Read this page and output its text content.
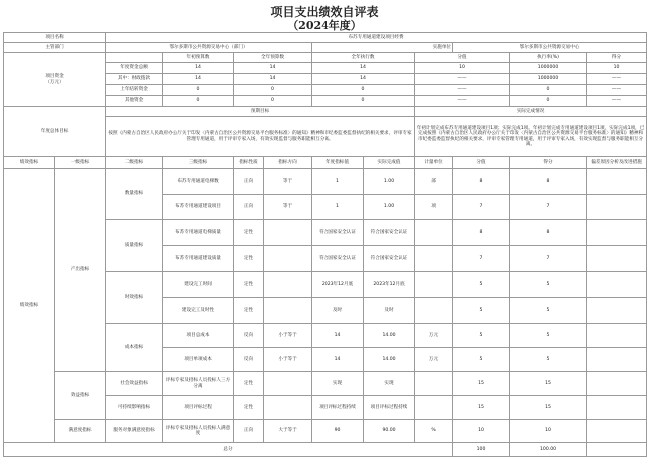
项目支出绩效自评表
（2024年度）
项目名称		布苏专用通道建设项目经费									
主管部门		鄂尔多斯市公共资源交易中心（部门）				实施单位			鄂尔多斯市公共资源交易中心		
项目资金
（万元）			年初预算数	全年预算数		全年执行数		分值		执行率(%)	得分
		年度资金总额	14	14		14		10		1000000	10
		其中：财政拨款	14	14		14		——		1000000	——
		上年结转资金	0	0		0		——		0	——
		其他资金	0	0		0		——		0	——
年度总体目标		预期目标						实际完成情况			
		按照《内蒙古自治区人民政府办公厅关于印发〈内蒙古自治区公共资源交易平台服务标准〉的通知》精神和市纪委监委监督执纪的相关要求，评审专家管理专用通道，用于评审专家入场，有效实现监督与服务职能相互分离。						年初计划完成布苏专用通道建设项目1项；实际完成1项。年初计划完成专用通道建设项目1项，实际完成1项，已完成按照《内蒙古自治区人民政府办公厅关于印发〈内蒙古自治区公共资源交易平台服务标准〉的通知》精神和市纪委监委监督执纪的相关要求，评审专家管理专用通道，用于评审专家入场，有效实现监督与服务职能相互分离。			
绩效指标	一级指标	二级指标	三级指标	指标性质	指标方向	年度指标值	实际完成值	计量单位	分值	得分	偏差原因分析及改进措施
绩效指标	产出指标	数量指标	布苏专用通道电梯数	正向	等于	1	1.00	部	8	8	
			布苏专用通道建设项目	正向	等于	1	1.00	项	7	7	
		质量指标	布苏专用通道电梯质量	定性		符合国家安全认证	符合国家安全认证		8	8	
			布苏专用通道建设质量	定性		符合国家安全认证	符合国家安全认证		7	7	
		时效指标	建设完工时间	定性		2023年12月底	2023年12月底		5	5	
			建设完工及时性	定性		及时	及时		5	5	
		成本指标	项目总成本	反向	小于等于	14	14.00	万元	5	5	
			项目单项成本	反向	小于等于	14	14.00	万元	5	5	
	效益指标	社会效益指标	评标专家及招标人员投标人三方分离	定性		实现	实现		15	15	
		可持续影响指标	项目评标过程	定性		项目评标过程持续	项目评标过程持续		15	15	
	满意度指标	服务对象满意度指标	评标专家及招标人员投标人满意度	正向	大于等于	90	90.00	%	10	10	
总分									100	100.00	
